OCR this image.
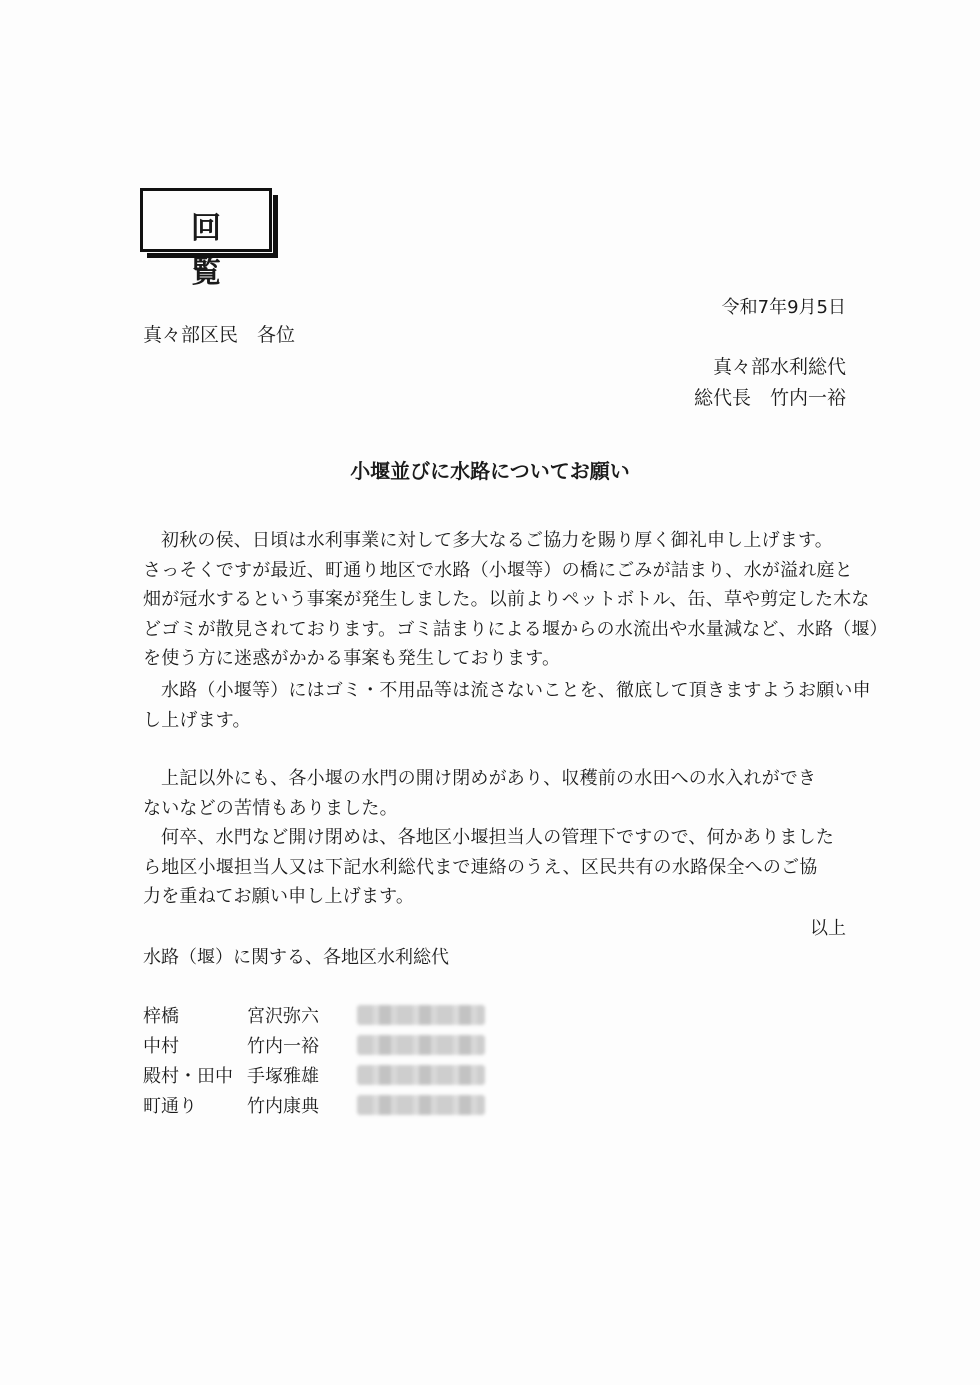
回 覧
令和7年9月5日
真々部区民　各位
真々部水利総代
総代長　竹内一裕
小堰並びに水路についてお願い
初秋の侯、日頃は水利事業に対して多大なるご協力を賜り厚く御礼申し上げます。
さっそくですが最近、町通り地区で水路（小堰等）の橋にごみが詰まり、水が溢れ庭と
畑が冠水するという事案が発生しました。以前よりペットボトル、缶、草や剪定した木な
どゴミが散見されております。ゴミ詰まりによる堰からの水流出や水量減など、水路（堰）
を使う方に迷惑がかかる事案も発生しております。
水路（小堰等）にはゴミ・不用品等は流さないことを、徹底して頂きますようお願い申
し上げます。
上記以外にも、各小堰の水門の開け閉めがあり、収穫前の水田への水入れができ
ないなどの苦情もありました。
何卒、水門など開け閉めは、各地区小堰担当人の管理下ですので、何かありました
ら地区小堰担当人又は下記水利総代まで連絡のうえ、区民共有の水路保全へのご協
力を重ねてお願い申し上げます。
以上
水路（堰）に関する、各地区水利総代
梓橋	宮沢弥六
中村	竹内一裕
殿村・田中 手塚雅雄
町通り	竹内康典
